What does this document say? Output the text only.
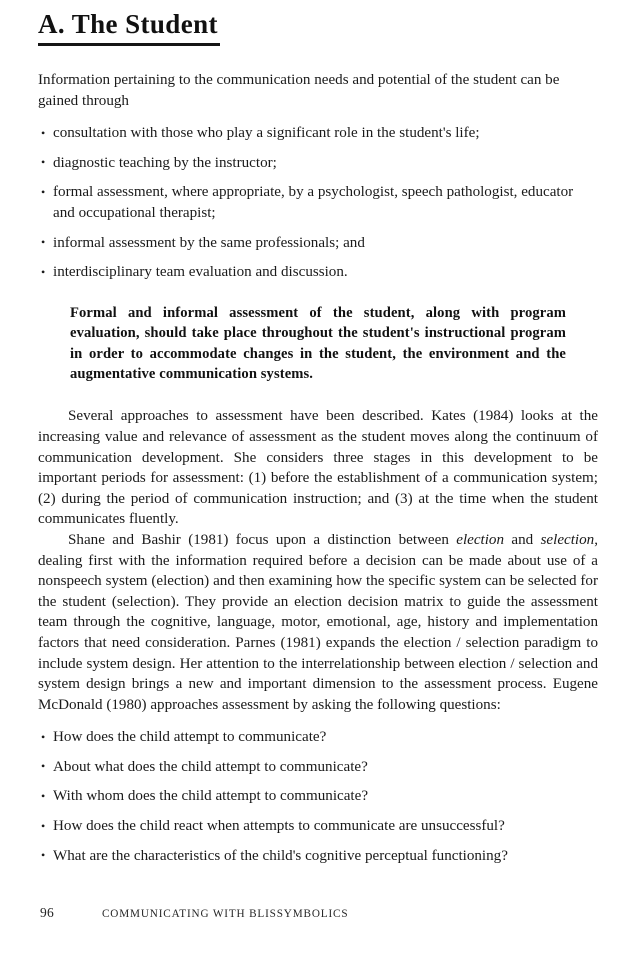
A. The Student

Information pertaining to the communication needs and potential of the student can be gained through

• consultation with those who play a significant role in the student's life;
• diagnostic teaching by the instructor;
• formal assessment, where appropriate, by a psychologist, speech pathologist, educator and occupational therapist;
• informal assessment by the same professionals; and
• interdisciplinary team evaluation and discussion.

Formal and informal assessment of the student, along with program evaluation, should take place throughout the student's instructional program in order to accommodate changes in the student, the environment and the augmentative communication systems.

Several approaches to assessment have been described. Kates (1984) looks at the increasing value and relevance of assessment as the student moves along the continuum of communication development. She considers three stages in this development to be important periods for assessment: (1) before the establishment of a communication system; (2) during the period of communication instruction; and (3) at the time when the student communicates fluently.

Shane and Bashir (1981) focus upon a distinction between election and selection, dealing first with the information required before a decision can be made about use of a nonspeech system (election) and then examining how the specific system can be selected for the student (selection). They provide an election decision matrix to guide the assessment team through the cognitive, language, motor, emotional, age, history and implementation factors that need consideration. Parnes (1981) expands the election / selection paradigm to include system design. Her attention to the interrelationship between election / selection and system design brings a new and important dimension to the assessment process. Eugene McDonald (1980) approaches assessment by asking the following questions:

• How does the child attempt to communicate?
• About what does the child attempt to communicate?
• With whom does the child attempt to communicate?
• How does the child react when attempts to communicate are unsuccessful?
• What are the characteristics of the child's cognitive perceptual functioning?
96	COMMUNICATING WITH BLISSYMBOLICS
